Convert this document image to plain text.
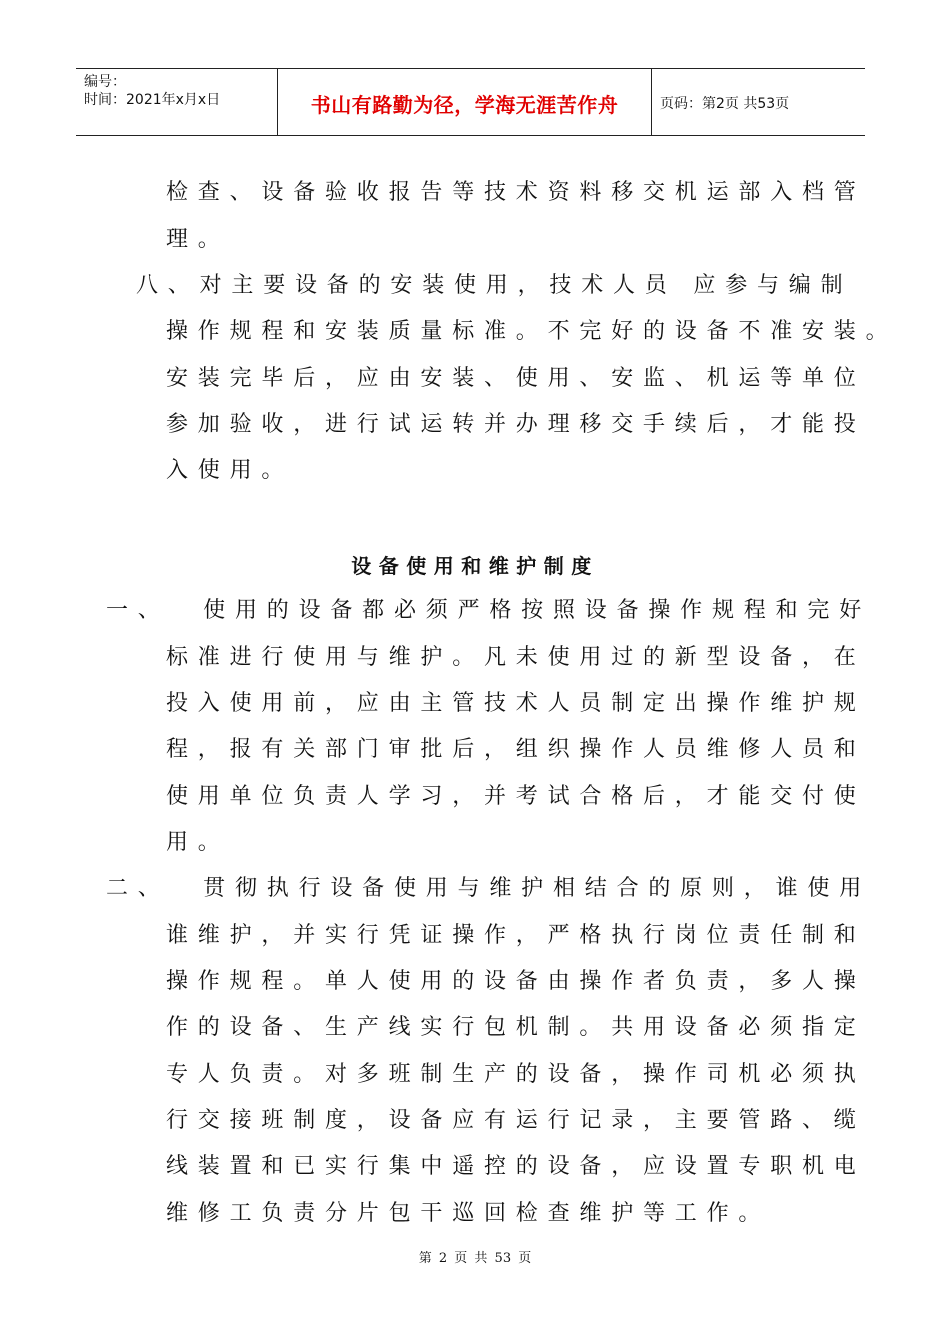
编号：
时间：2021年x月x日	书山有路勤为径，学海无涯苦作舟	页码：第2页 共53页
检查、设备验收报告等技术资料移交机运部入档管
理。
八、对主要设备的安装使用，技术人员 应参与编制
操作规程和安装质量标准。不完好的设备不准安装。
安装完毕后，应由安装、使用、安监、机运等单位
参加验收，进行试运转并办理移交手续后，才能投
入使用。
设备使用和维护制度
一、  使用的设备都必须严格按照设备操作规程和完好
标准进行使用与维护。凡未使用过的新型设备，在
投入使用前，应由主管技术人员制定出操作维护规
程，报有关部门审批后，组织操作人员维修人员和
使用单位负责人学习，并考试合格后，才能交付使
用。
二、  贯彻执行设备使用与维护相结合的原则，谁使用
谁维护，并实行凭证操作，严格执行岗位责任制和
操作规程。单人使用的设备由操作者负责，多人操
作的设备、生产线实行包机制。共用设备必须指定
专人负责。对多班制生产的设备，操作司机必须执
行交接班制度，设备应有运行记录，主要管路、缆
线装置和已实行集中遥控的设备，应设置专职机电
维修工负责分片包干巡回检查维护等工作。
第 2 页 共 53 页
